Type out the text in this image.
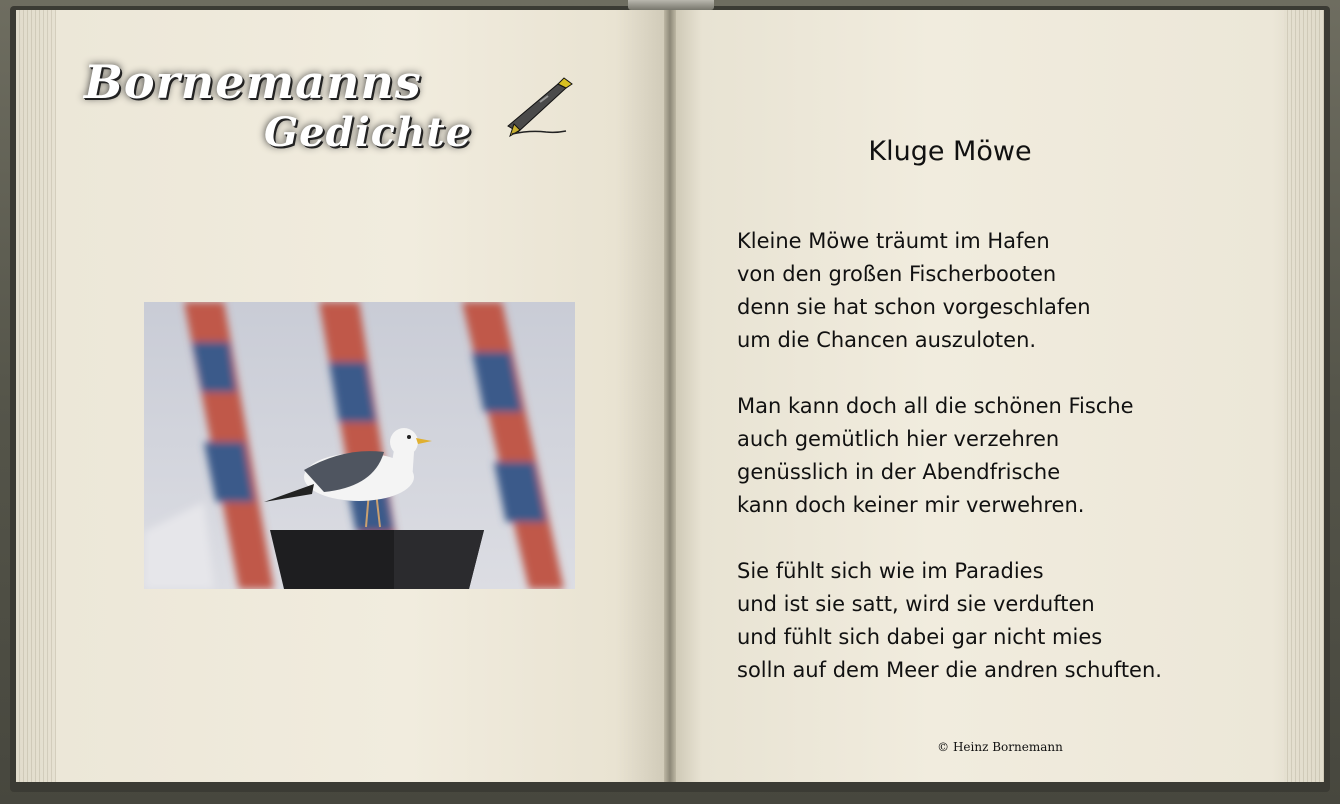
Bornemanns
Gedichte	Kluge Möwe
Kleine Möwe träumt im Hafen
von den großen Fischerbooten
denn sie hat schon vorgeschlafen
um die Chancen auszuloten.
Man kann doch all die schönen Fische
auch gemütlich hier verzehren
genüsslich in der Abendfrische
kann doch keiner mir verwehren.
Sie fühlt sich wie im Paradies
und ist sie satt, wird sie verduften
und fühlt sich dabei gar nicht mies
solln auf dem Meer die andren schuften.
© Heinz Bornemann
